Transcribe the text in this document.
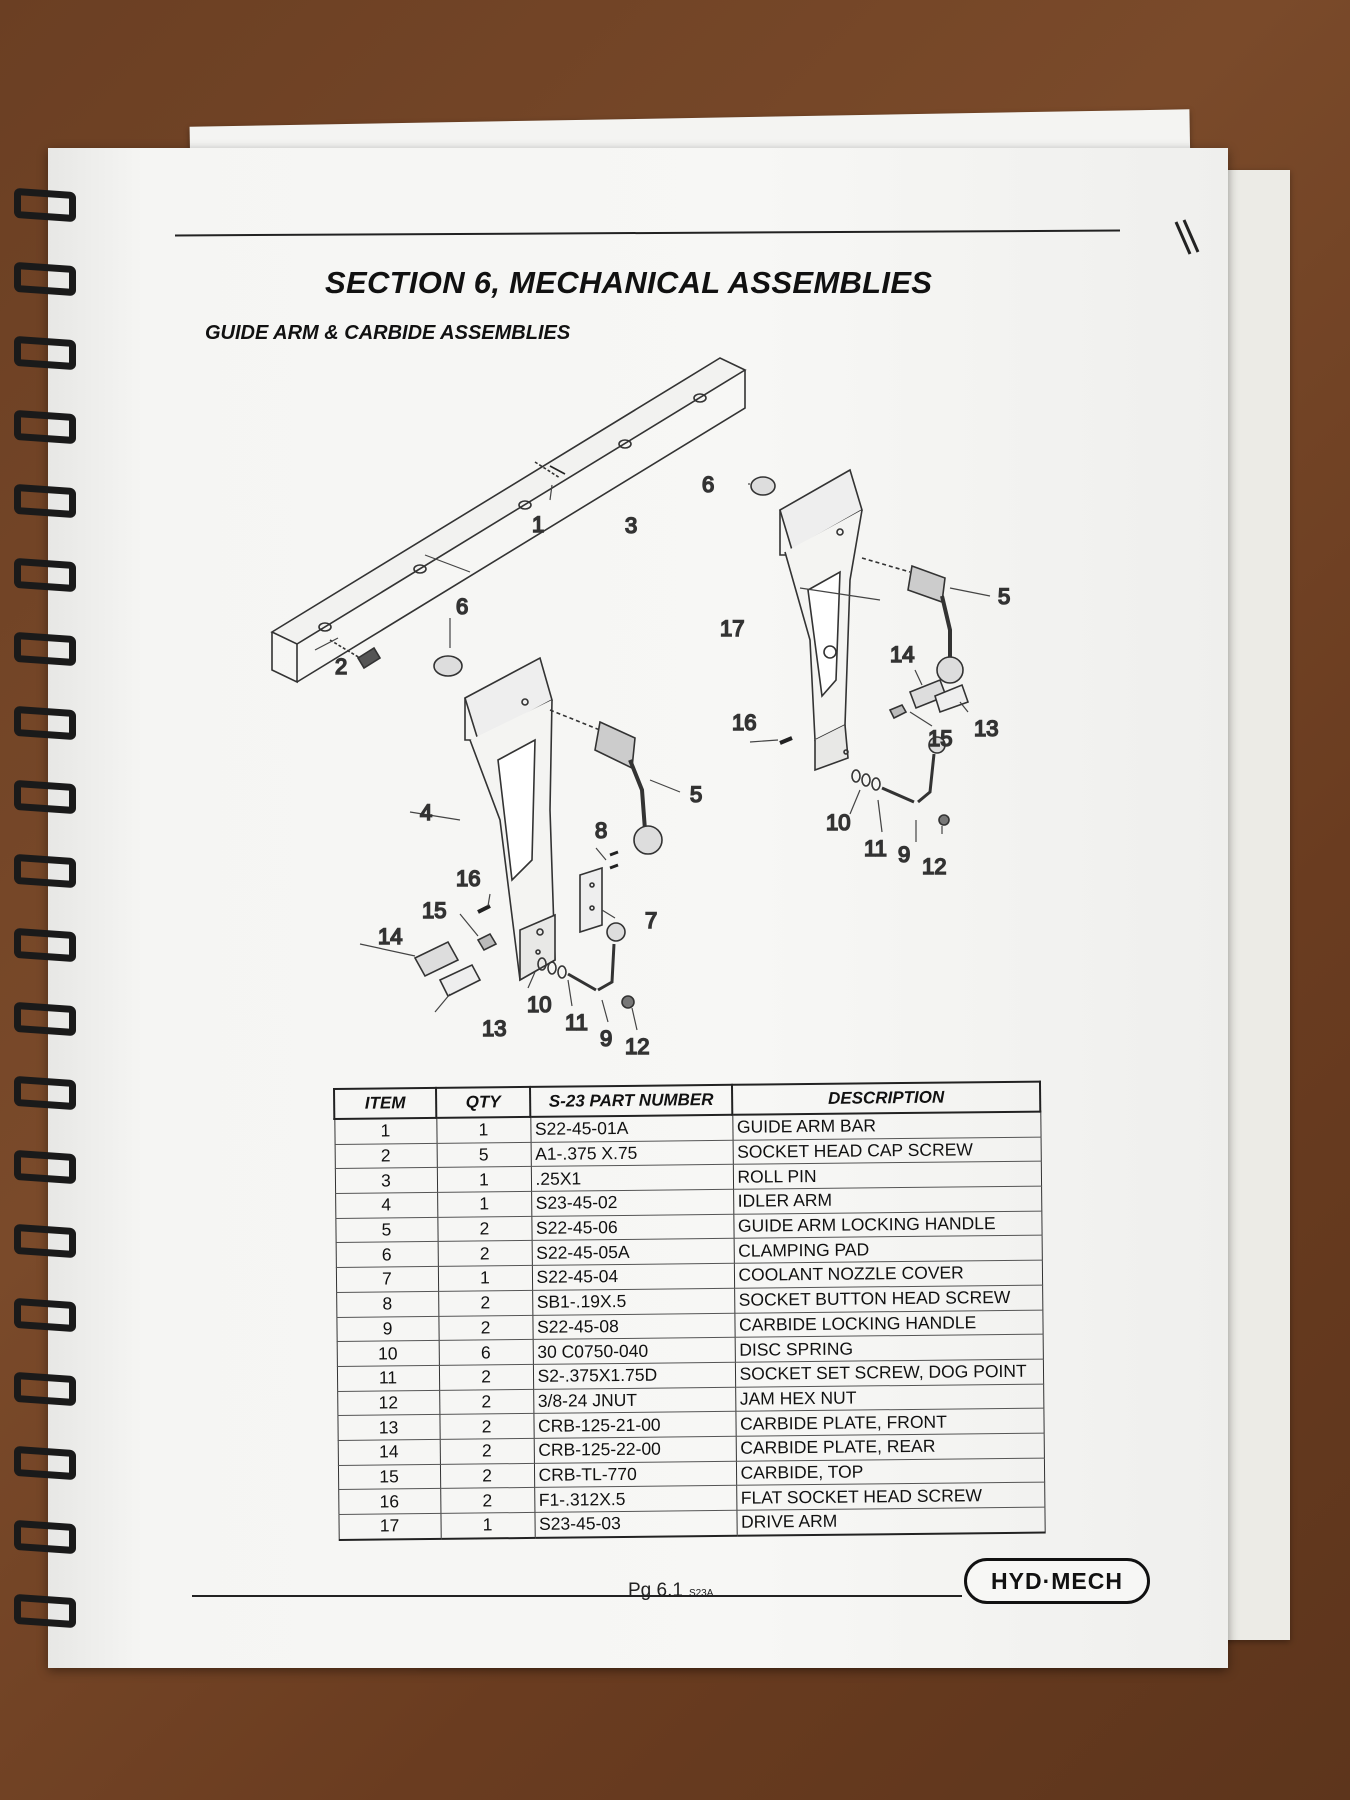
SECTION 6, MECHANICAL ASSEMBLIES
GUIDE ARM & CARBIDE ASSEMBLIES
1
2
3
6
4
5
16
15
14
13
10
11
9 12
8
7
6
17
5
14
15 13
16
10
11 9 12
ITEM	QTY	S-23 PART NUMBER	DESCRIPTION
1	1	S22-45-01A	GUIDE ARM BAR
2	5	A1-.375 X.75	SOCKET HEAD CAP SCREW
3	1	.25X1	ROLL PIN
4	1	S23-45-02	IDLER ARM
5	2	S22-45-06	GUIDE ARM LOCKING HANDLE
6	2	S22-45-05A	CLAMPING PAD
7	1	S22-45-04	COOLANT NOZZLE COVER
8	2	SB1-.19X.5	SOCKET BUTTON HEAD SCREW
9	2	S22-45-08	CARBIDE LOCKING HANDLE
10	6	30 C0750-040	DISC SPRING
11	2	S2-.375X1.75D	SOCKET SET SCREW, DOG POINT
12	2	3/8-24 JNUT	JAM HEX NUT
13	2	CRB-125-21-00	CARBIDE PLATE, FRONT
14	2	CRB-125-22-00	CARBIDE PLATE, REAR
15	2	CRB-TL-770	CARBIDE, TOP
16	2	F1-.312X.5	FLAT SOCKET HEAD SCREW
17	1	S23-45-03	DRIVE ARM
Pg 6.1 S23A	HYD·MECH
